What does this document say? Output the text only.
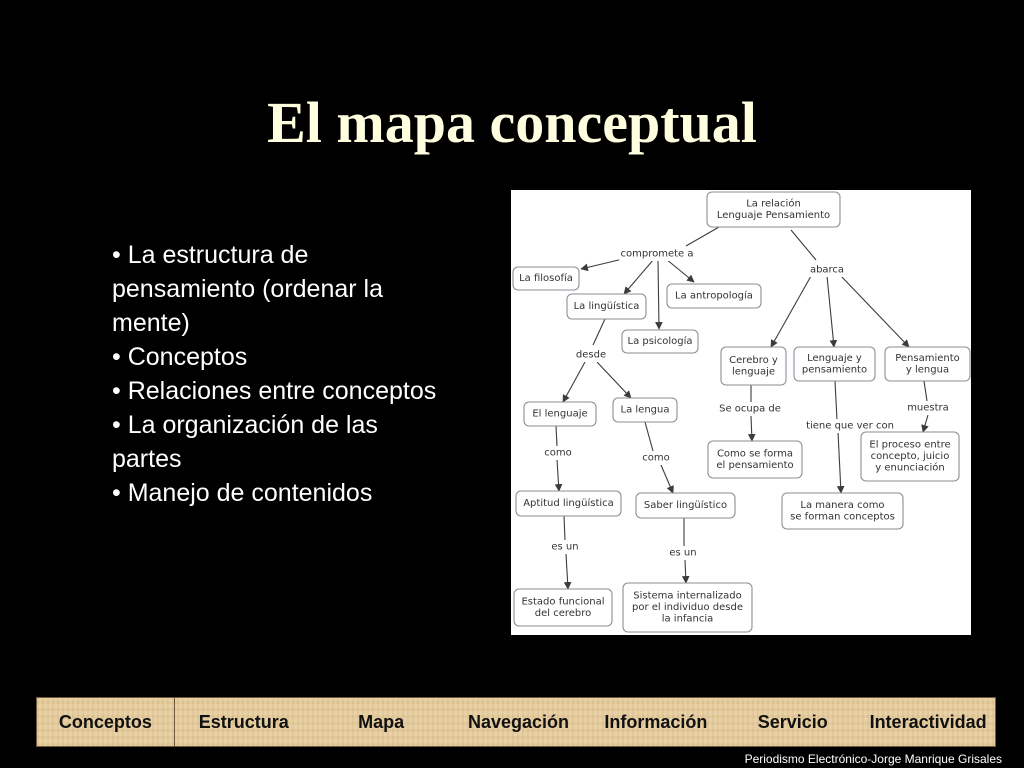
El mapa conceptual
• La estructura de pensamiento (ordenar la mente)
• Conceptos
• Relaciones entre conceptos
• La organización de las partes
• Manejo de contenidos
compromete a
abarca
desde
como	como
es un
es un
Se ocupa de
tiene que ver con
muestra
La relación
Lenguaje Pensamiento
La filosofía
La lingüística
La antropología
La psicología
El lenguaje	La lengua
Aptitud lingüística	Saber lingüístico
Estado funcional
del cerebro
Sistema internalizado
por el individuo desde
la infancia
Cerebro y
lenguaje
Lenguaje y
pensamiento
Pensamiento
y lengua
Como se forma
el pensamiento
La manera como
se forman conceptos
El proceso entre
concepto, juicio
y enunciación
Conceptos	Estructura	Mapa	Navegación	Información	Servicio	Interactividad
Periodismo Electrónico-Jorge Manrique Grisales
